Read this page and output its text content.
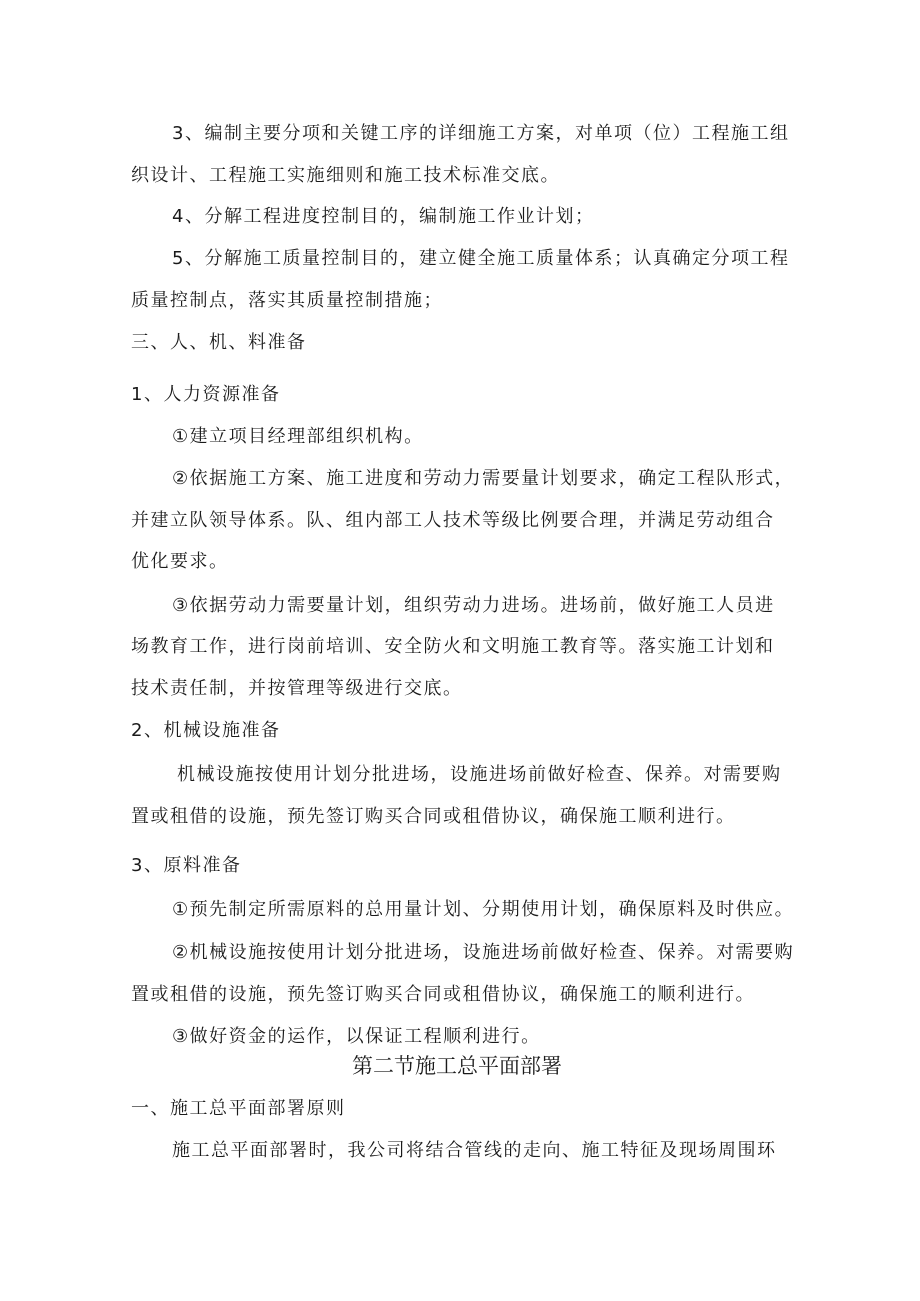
3、编制主要分项和关键工序的详细施工方案，对单项（位）工程施工组
织设计、工程施工实施细则和施工技术标准交底。
4、分解工程进度控制目的，编制施工作业计划；
5、分解施工质量控制目的，建立健全施工质量体系；认真确定分项工程
质量控制点，落实其质量控制措施；
三、人、机、料准备
1、人力资源准备
①建立项目经理部组织机构。
②依据施工方案、施工进度和劳动力需要量计划要求，确定工程队形式，
并建立队领导体系。队、组内部工人技术等级比例要合理，并满足劳动组合
优化要求。
③依据劳动力需要量计划，组织劳动力进场。进场前，做好施工人员进
场教育工作，进行岗前培训、安全防火和文明施工教育等。落实施工计划和
技术责任制，并按管理等级进行交底。
2、机械设施准备
机械设施按使用计划分批进场，设施进场前做好检查、保养。对需要购
置或租借的设施，预先签订购买合同或租借协议，确保施工顺利进行。
3、原料准备
①预先制定所需原料的总用量计划、分期使用计划，确保原料及时供应。
②机械设施按使用计划分批进场，设施进场前做好检查、保养。对需要购
置或租借的设施，预先签订购买合同或租借协议，确保施工的顺利进行。
③做好资金的运作，以保证工程顺利进行。
第二节施工总平面部署
一、施工总平面部署原则
施工总平面部署时，我公司将结合管线的走向、施工特征及现场周围环
